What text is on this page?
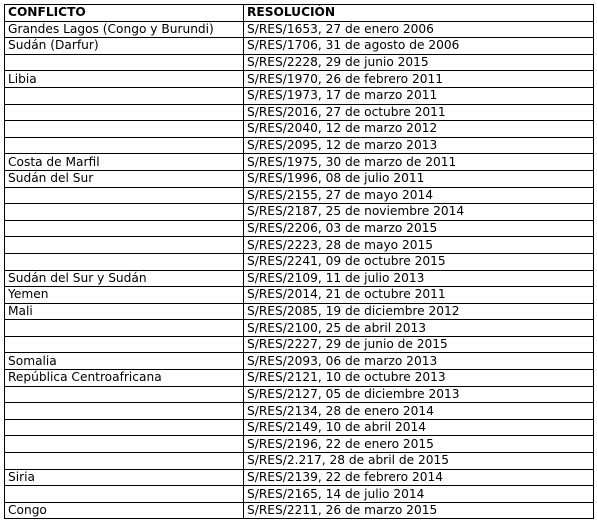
CONFLICTO	RESOLUCIÓN
Grandes Lagos (Congo y Burundi)	S/RES/1653, 27 de enero 2006
Sudán (Darfur)	S/RES/1706, 31 de agosto de 2006
	S/RES/2228, 29 de junio 2015
Libia	S/RES/1970, 26 de febrero 2011
	S/RES/1973, 17 de marzo 2011
	S/RES/2016, 27 de octubre 2011
	S/RES/2040, 12 de marzo 2012
	S/RES/2095, 12 de marzo 2013
Costa de Marfil	S/RES/1975, 30 de marzo de 2011
Sudán del Sur	S/RES/1996, 08 de julio 2011
	S/RES/2155, 27 de mayo 2014
	S/RES/2187, 25 de noviembre 2014
	S/RES/2206, 03 de marzo 2015
	S/RES/2223, 28 de mayo 2015
	S/RES/2241, 09 de octubre 2015
Sudán del Sur y Sudán	S/RES/2109, 11 de julio 2013
Yemen	S/RES/2014, 21 de octubre 2011
Mali	S/RES/2085, 19 de diciembre 2012
	S/RES/2100, 25 de abril 2013
	S/RES/2227, 29 de junio de 2015
Somalia	S/RES/2093, 06 de marzo 2013
República Centroafricana	S/RES/2121, 10 de octubre 2013
	S/RES/2127, 05 de diciembre 2013
	S/RES/2134, 28 de enero 2014
	S/RES/2149, 10 de abril 2014
	S/RES/2196, 22 de enero 2015
	S/RES/2.217, 28 de abril de 2015
Siria	S/RES/2139, 22 de febrero 2014
	S/RES/2165, 14 de julio 2014
Congo	S/RES/2211, 26 de marzo 2015
